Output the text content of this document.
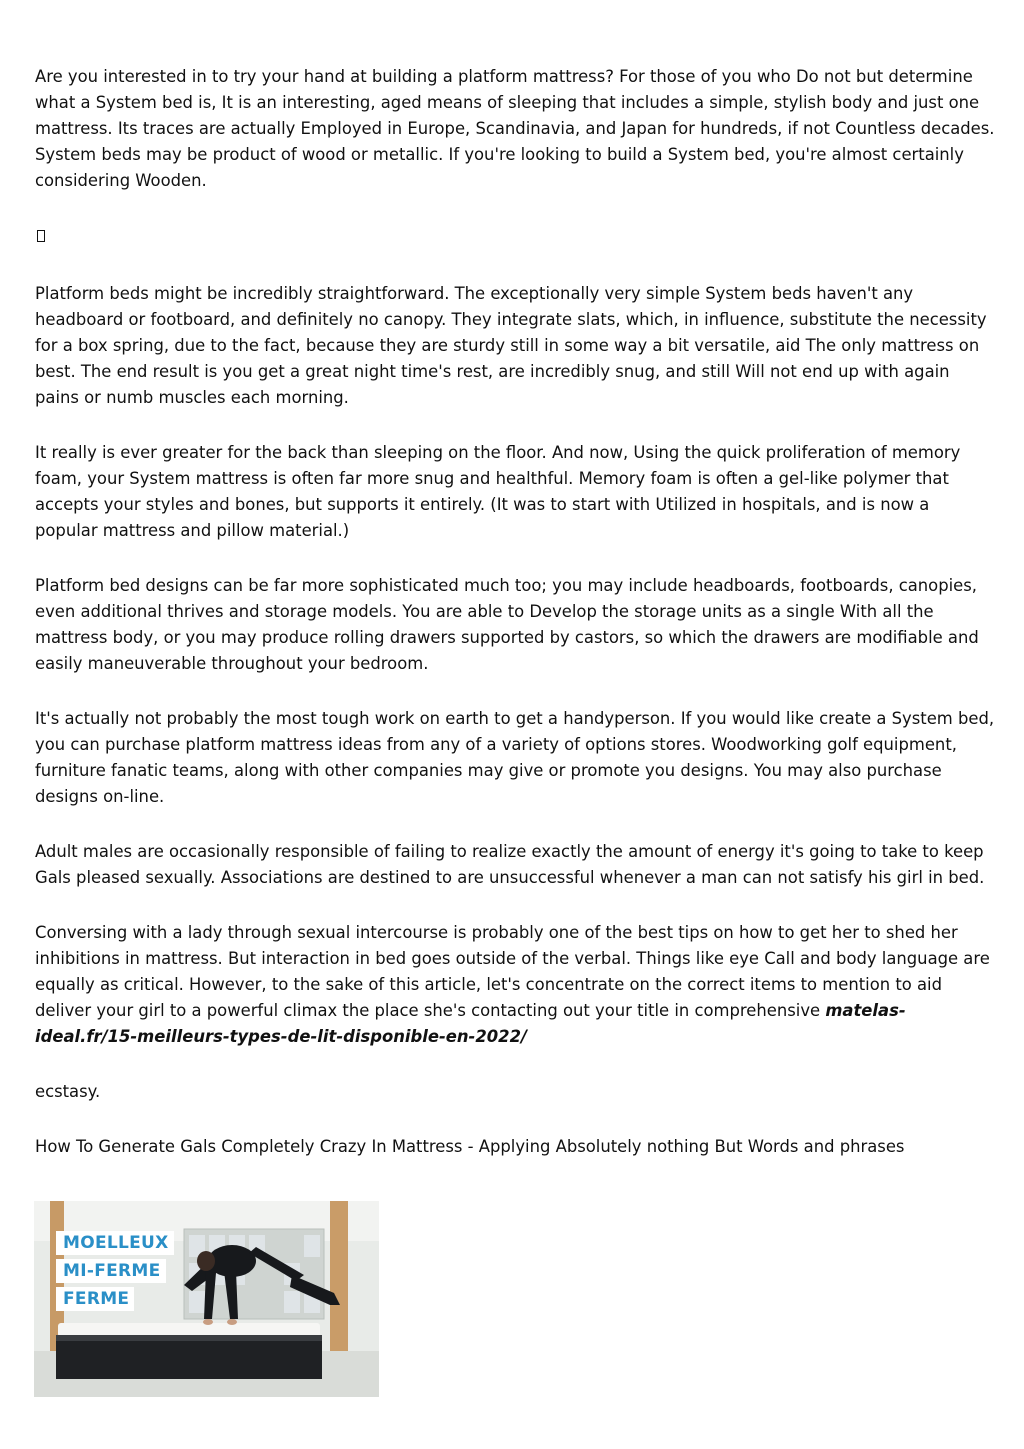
Are you interested in to try your hand at building a platform mattress? For those of you who Do not but determine what a System bed is, It is an interesting, aged means of sleeping that includes a simple, stylish body and just one mattress. Its traces are actually Employed in Europe, Scandinavia, and Japan for hundreds, if not Countless decades. System beds may be product of wood or metallic. If you're looking to build a System bed, you're almost certainly considering Wooden.

Platform beds might be incredibly straightforward. The exceptionally very simple System beds haven't any headboard or footboard, and definitely no canopy. They integrate slats, which, in influence, substitute the necessity for a box spring, due to the fact, because they are sturdy still in some way a bit versatile, aid The only mattress on best. The end result is you get a great night time's rest, are incredibly snug, and still Will not end up with again pains or numb muscles each morning.

It really is ever greater for the back than sleeping on the floor. And now, Using the quick proliferation of memory foam, your System mattress is often far more snug and healthful. Memory foam is often a gel-like polymer that accepts your styles and bones, but supports it entirely. (It was to start with Utilized in hospitals, and is now a popular mattress and pillow material.)

Platform bed designs can be far more sophisticated much too; you may include headboards, footboards, canopies, even additional thrives and storage models. You are able to Develop the storage units as a single With all the mattress body, or you may produce rolling drawers supported by castors, so which the drawers are modifiable and easily maneuverable throughout your bedroom.

It's actually not probably the most tough work on earth to get a handyperson. If you would like create a System bed, you can purchase platform mattress ideas from any of a variety of options stores. Woodworking golf equipment, furniture fanatic teams, along with other companies may give or promote you designs. You may also purchase designs on-line.

Adult males are occasionally responsible of failing to realize exactly the amount of energy it's going to take to keep Gals pleased sexually. Associations are destined to are unsuccessful whenever a man can not satisfy his girl in bed.

Conversing with a lady through sexual intercourse is probably one of the best tips on how to get her to shed her inhibitions in mattress. But interaction in bed goes outside of the verbal. Things like eye Call and body language are equally as critical. However, to the sake of this article, let's concentrate on the correct items to mention to aid deliver your girl to a powerful climax the place she's contacting out your title in comprehensive matelas-ideal.fr/15-meilleurs-types-de-lit-disponible-en-2022/

ecstasy.

How To Generate Gals Completely Crazy In Mattress - Applying Absolutely nothing But Words and phrases

MOELLEUX
MI-FERME
FERME
